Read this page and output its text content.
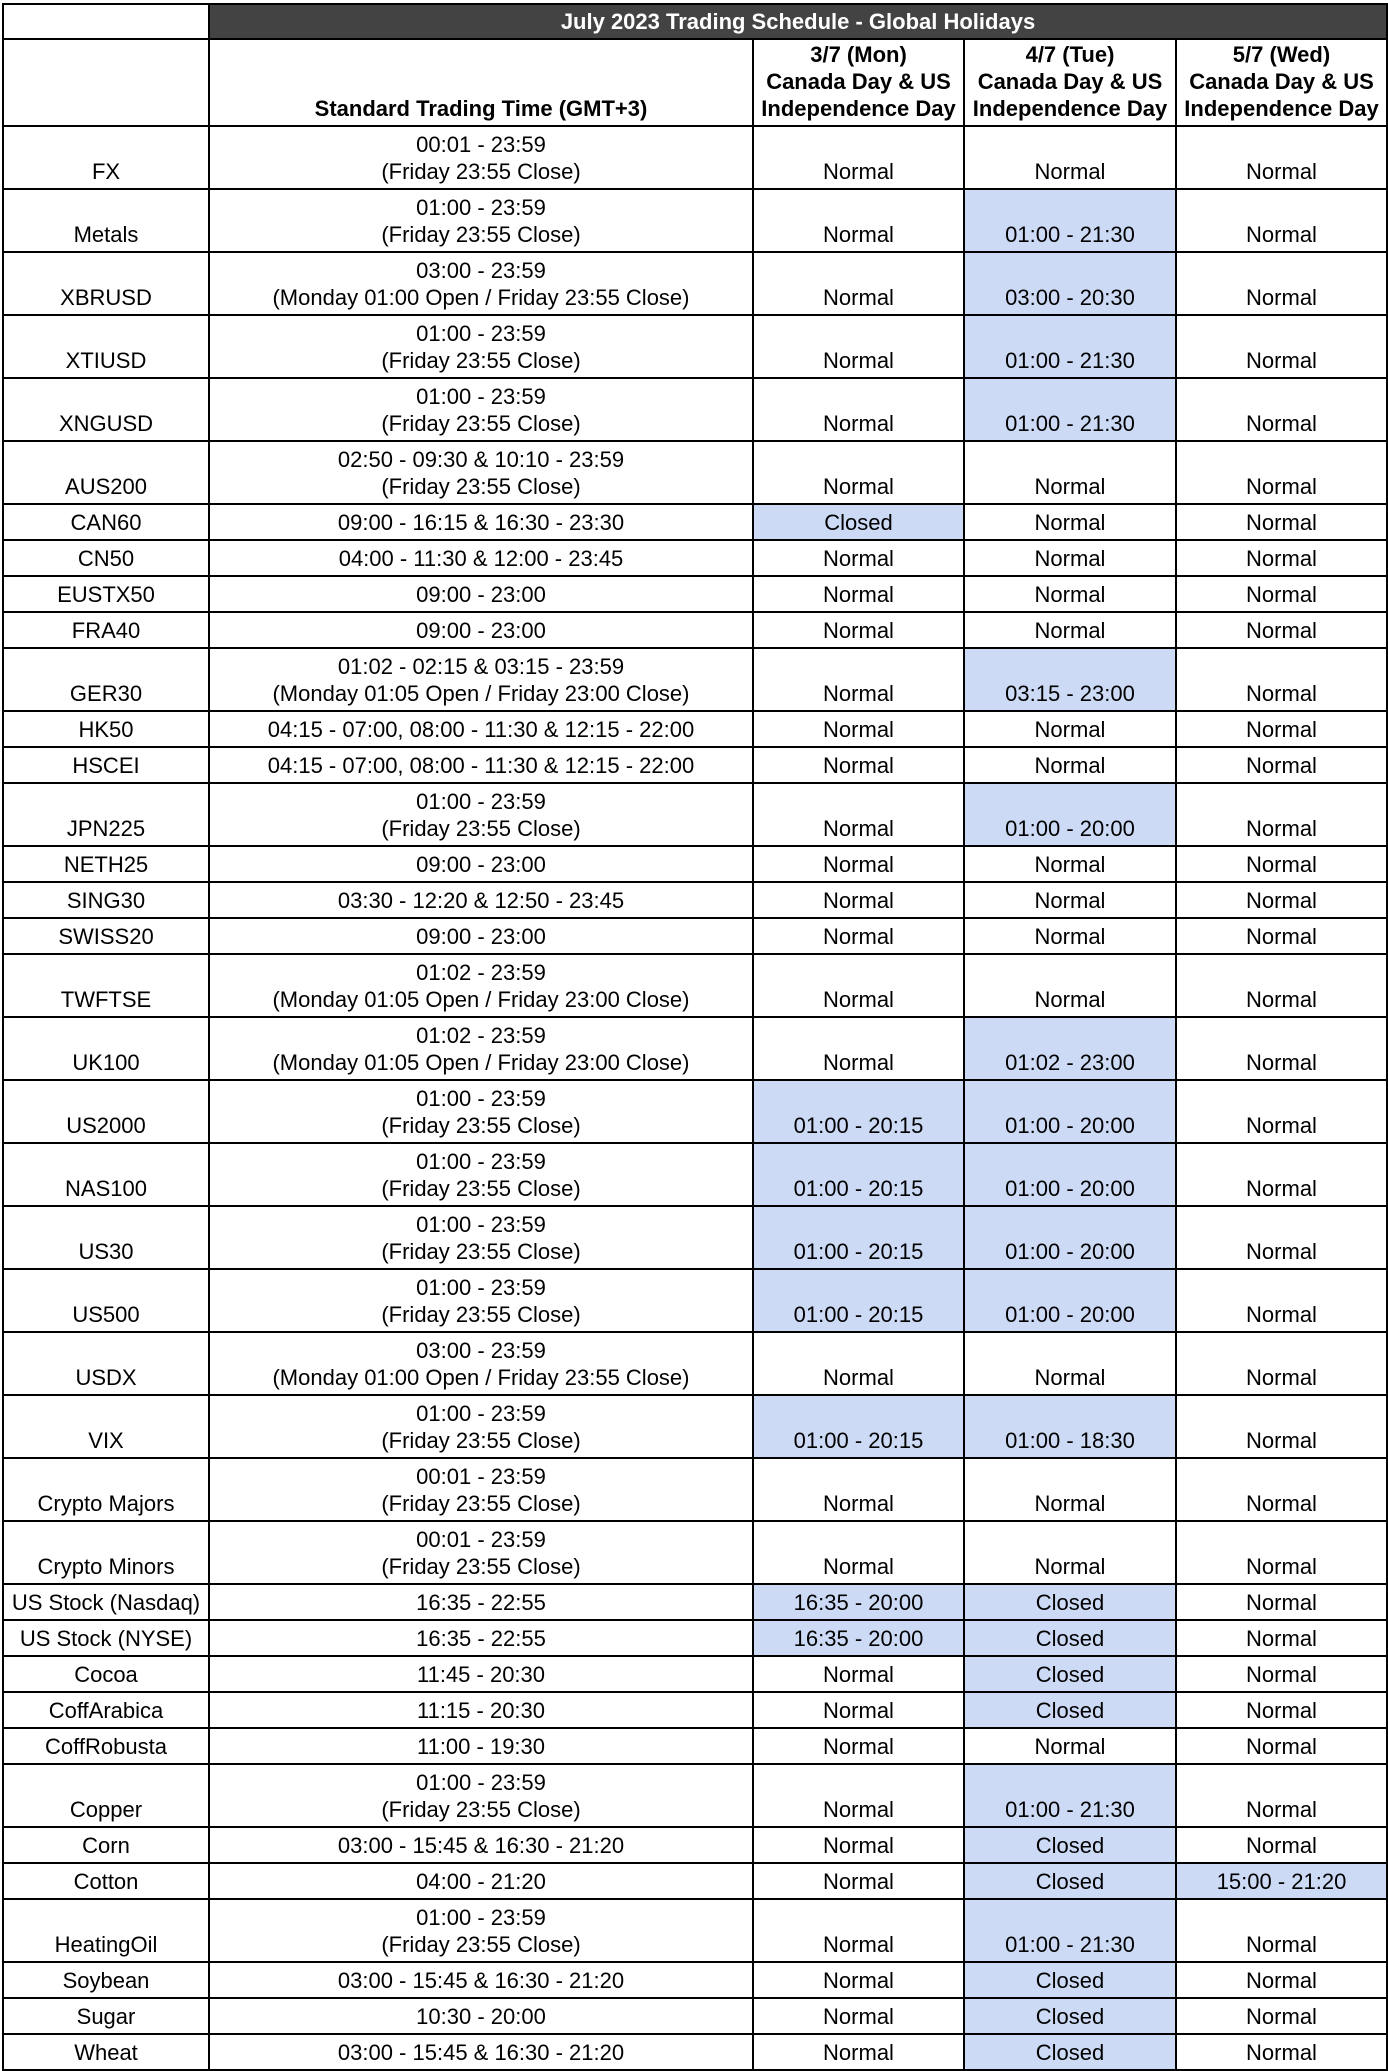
	July 2023 Trading Schedule - Global Holidays			
	Standard Trading Time (GMT+3)	3/7 (Mon)
Canada Day & US
Independence Day	4/7 (Tue)
Canada Day & US
Independence Day	5/7 (Wed)
Canada Day & US
Independence Day

FX	00:01 - 23:59
(Friday 23:55 Close)	Normal	Normal	Normal
Metals	01:00 - 23:59
(Friday 23:55 Close)	Normal	01:00 - 21:30	Normal
XBRUSD	03:00 - 23:59
(Monday 01:00 Open / Friday 23:55 Close)	Normal	03:00 - 20:30	Normal
XTIUSD	01:00 - 23:59
(Friday 23:55 Close)	Normal	01:00 - 21:30	Normal
XNGUSD	01:00 - 23:59
(Friday 23:55 Close)	Normal	01:00 - 21:30	Normal
AUS200	02:50 - 09:30 & 10:10 - 23:59
(Friday 23:55 Close)	Normal	Normal	Normal
CAN60	09:00 - 16:15 & 16:30 - 23:30	Closed	Normal	Normal
CN50	04:00 - 11:30 & 12:00 - 23:45	Normal	Normal	Normal
EUSTX50	09:00 - 23:00	Normal	Normal	Normal
FRA40	09:00 - 23:00	Normal	Normal	Normal
GER30	01:02 - 02:15 & 03:15 - 23:59
(Monday 01:05 Open / Friday 23:00 Close)	Normal	03:15 - 23:00	Normal
HK50	04:15 - 07:00, 08:00 - 11:30 & 12:15 - 22:00	Normal	Normal	Normal
HSCEI	04:15 - 07:00, 08:00 - 11:30 & 12:15 - 22:00	Normal	Normal	Normal
JPN225	01:00 - 23:59
(Friday 23:55 Close)	Normal	01:00 - 20:00	Normal
NETH25	09:00 - 23:00	Normal	Normal	Normal
SING30	03:30 - 12:20 & 12:50 - 23:45	Normal	Normal	Normal
SWISS20	09:00 - 23:00	Normal	Normal	Normal
TWFTSE	01:02 - 23:59
(Monday 01:05 Open / Friday 23:00 Close)	Normal	Normal	Normal
UK100	01:02 - 23:59
(Monday 01:05 Open / Friday 23:00 Close)	Normal	01:02 - 23:00	Normal
US2000	01:00 - 23:59
(Friday 23:55 Close)	01:00 - 20:15	01:00 - 20:00	Normal
NAS100	01:00 - 23:59
(Friday 23:55 Close)	01:00 - 20:15	01:00 - 20:00	Normal
US30	01:00 - 23:59
(Friday 23:55 Close)	01:00 - 20:15	01:00 - 20:00	Normal
US500	01:00 - 23:59
(Friday 23:55 Close)	01:00 - 20:15	01:00 - 20:00	Normal
USDX	03:00 - 23:59
(Monday 01:00 Open / Friday 23:55 Close)	Normal	Normal	Normal
VIX	01:00 - 23:59
(Friday 23:55 Close)	01:00 - 20:15	01:00 - 18:30	Normal
Crypto Majors	00:01 - 23:59
(Friday 23:55 Close)	Normal	Normal	Normal
Crypto Minors	00:01 - 23:59
(Friday 23:55 Close)	Normal	Normal	Normal
US Stock (Nasdaq)	16:35 - 22:55	16:35 - 20:00	Closed	Normal
US Stock (NYSE)	16:35 - 22:55	16:35 - 20:00	Closed	Normal
Cocoa	11:45 - 20:30	Normal	Closed	Normal
CoffArabica	11:15 - 20:30	Normal	Closed	Normal
CoffRobusta	11:00 - 19:30	Normal	Normal	Normal
Copper	01:00 - 23:59
(Friday 23:55 Close)	Normal	01:00 - 21:30	Normal
Corn	03:00 - 15:45 & 16:30 - 21:20	Normal	Closed	Normal
Cotton	04:00 - 21:20	Normal	Closed	15:00 - 21:20
HeatingOil	01:00 - 23:59
(Friday 23:55 Close)	Normal	01:00 - 21:30	Normal
Soybean	03:00 - 15:45 & 16:30 - 21:20	Normal	Closed	Normal
Sugar	10:30 - 20:00	Normal	Closed	Normal
Wheat	03:00 - 15:45 & 16:30 - 21:20	Normal	Closed	Normal
